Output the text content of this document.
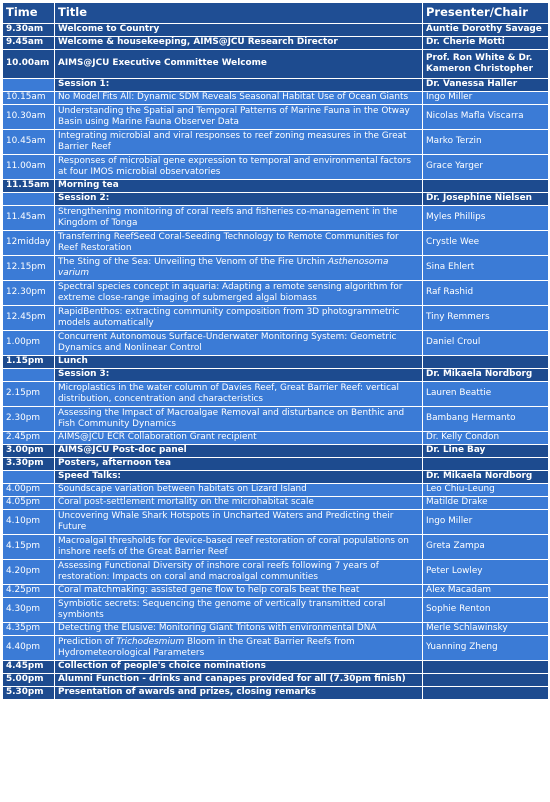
Time	Title	Presenter/Chair
9.30am	Welcome to Country	Auntie Dorothy Savage
9.45am	Welcome & housekeeping, AIMS@JCU Research Director	Dr. Cherie Motti
10.00am	AIMS@JCU Executive Committee Welcome	Prof. Ron White & Dr. Kameron Christopher
	Session 1:	Dr. Vanessa Haller
10.15am	No Model Fits All: Dynamic SDM Reveals Seasonal Habitat Use of Ocean Giants	Ingo Miller
10.30am	Understanding the Spatial and Temporal Patterns of Marine Fauna in the Otway Basin using Marine Fauna Observer Data	Nicolas Mafla Viscarra
10.45am	Integrating microbial and viral responses to reef zoning measures in the Great Barrier Reef	Marko Terzin
11.00am	Responses of microbial gene expression to temporal and environmental factors at four IMOS microbial observatories	Grace Yarger
11.15am	Morning tea	
	Session 2:	Dr. Josephine Nielsen
11.45am	Strengthening monitoring of coral reefs and fisheries co-management in the Kingdom of Tonga	Myles Phillips
12midday	Transferring ReefSeed Coral-Seeding Technology to Remote Communities for Reef Restoration	Crystle Wee
12.15pm	The Sting of the Sea: Unveiling the Venom of the Fire Urchin Asthenosoma varium	Sina Ehlert
12.30pm	Spectral species concept in aquaria: Adapting a remote sensing algorithm for extreme close-range imaging of submerged algal biomass	Raf Rashid
12.45pm	RapidBenthos: extracting community composition from 3D photogrammetric models automatically	Tiny Remmers
1.00pm	Concurrent Autonomous Surface-Underwater Monitoring System: Geometric Dynamics and Nonlinear Control	Daniel Croul
1.15pm	Lunch	
	Session 3:	Dr. Mikaela Nordborg
2.15pm	Microplastics in the water column of Davies Reef, Great Barrier Reef: vertical distribution, concentration and characteristics	Lauren Beattie
2.30pm	Assessing the Impact of Macroalgae Removal and disturbance on Benthic and Fish Community Dynamics	Bambang Hermanto
2.45pm	AIMS@JCU ECR Collaboration Grant recipient	Dr. Kelly Condon
3.00pm	AIMS@JCU Post-doc panel	Dr. Line Bay
3.30pm	Posters, afternoon tea	
	Speed Talks:	Dr. Mikaela Nordborg
4.00pm	Soundscape variation between habitats on Lizard Island	Leo Chiu-Leung
4.05pm	Coral post-settlement mortality on the microhabitat scale	Matilde Drake
4.10pm	Uncovering Whale Shark Hotspots in Uncharted Waters and Predicting their Future	Ingo Miller
4.15pm	Macroalgal thresholds for device-based reef restoration of coral populations on inshore reefs of the Great Barrier Reef	Greta Zampa
4.20pm	Assessing Functional Diversity of inshore coral reefs following 7 years of restoration: Impacts on coral and macroalgal communities	Peter Lowley
4.25pm	Coral matchmaking: assisted gene flow to help corals beat the heat	Alex Macadam
4.30pm	Symbiotic secrets: Sequencing the genome of vertically transmitted coral symbionts	Sophie Renton
4.35pm	Detecting the Elusive: Monitoring Giant Tritons with environmental DNA	Merle Schlawinsky
4.40pm	Prediction of Trichodesmium Bloom in the Great Barrier Reefs from Hydrometeorological Parameters	Yuanning Zheng
4.45pm	Collection of people's choice nominations	
5.00pm	Alumni Function - drinks and canapes provided for all (7.30pm finish)	
5.30pm	Presentation of awards and prizes, closing remarks	
